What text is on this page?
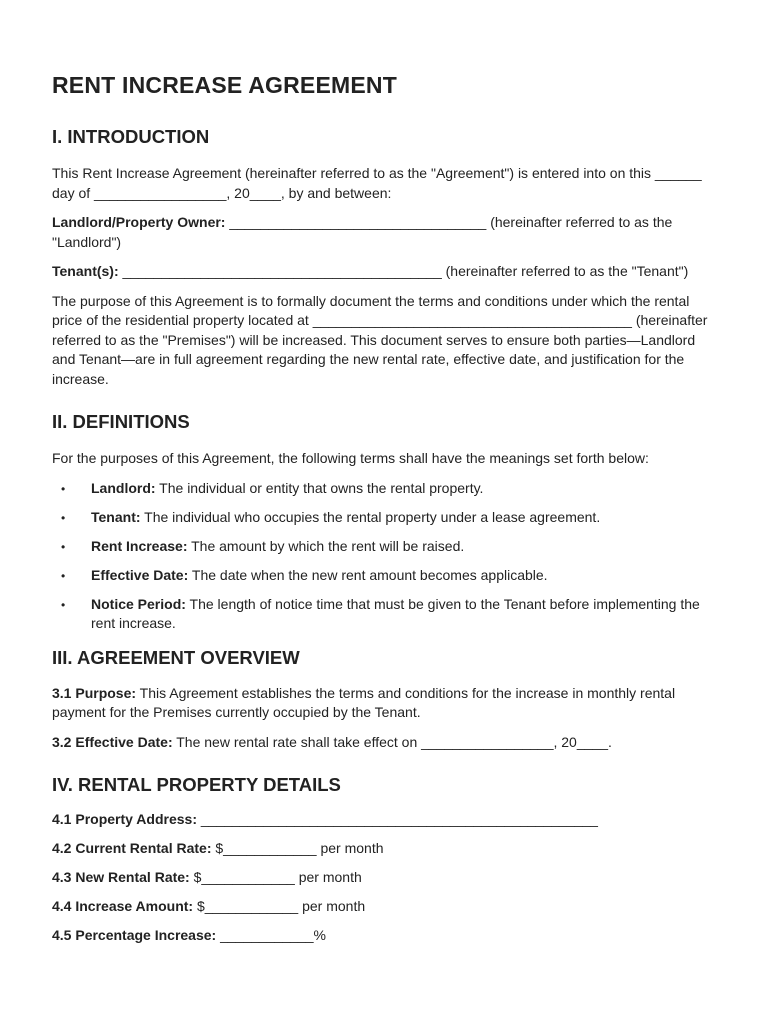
RENT INCREASE AGREEMENT
I. INTRODUCTION

This Rent Increase Agreement (hereinafter referred to as the "Agreement") is entered into on this ______ day of _________________, 20____, by and between:

Landlord/Property Owner: _________________________________ (hereinafter referred to as the "Landlord")

Tenant(s): _________________________________________ (hereinafter referred to as the "Tenant")

The purpose of this Agreement is to formally document the terms and conditions under which the rental price of the residential property located at _________________________________________ (hereinafter referred to as the "Premises") will be increased. This document serves to ensure both parties—Landlord and Tenant—are in full agreement regarding the new rental rate, effective date, and justification for the increase.

II. DEFINITIONS

For the purposes of this Agreement, the following terms shall have the meanings set forth below:

• Landlord: The individual or entity that owns the rental property.
• Tenant: The individual who occupies the rental property under a lease agreement.
• Rent Increase: The amount by which the rent will be raised.
• Effective Date: The date when the new rent amount becomes applicable.
• Notice Period: The length of notice time that must be given to the Tenant before implementing the rent increase.
III. AGREEMENT OVERVIEW

3.1 Purpose: This Agreement establishes the terms and conditions for the increase in monthly rental payment for the Premises currently occupied by the Tenant.

3.2 Effective Date: The new rental rate shall take effect on _________________, 20____.

IV. RENTAL PROPERTY DETAILS

4.1 Property Address: ___________________________________________________

4.2 Current Rental Rate: $____________ per month

4.3 New Rental Rate: $____________ per month

4.4 Increase Amount: $____________ per month

4.5 Percentage Increase: ____________%
